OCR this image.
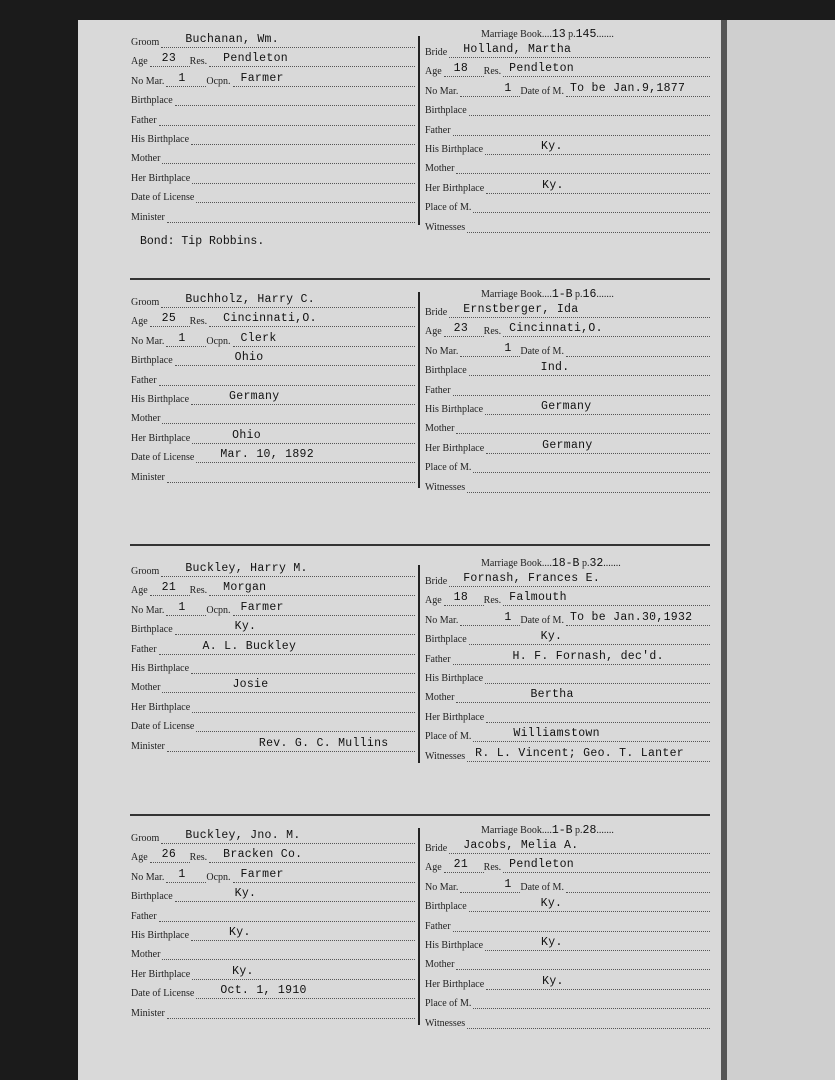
Groom Buchanan, Wm.
Age 23 Res. Pendleton
No Mar. 1 Ocpn. Farmer
Birthplace
Father
His Birthplace
Mother
Her Birthplace
Date of License
Minister
Marriage Book....13 p.145.......
Bride Holland, Martha
Age 18 Res. Pendleton
No Mar.	1 Date of M. To be Jan.9,1877
Birthplace
Father
His Birthplace	Ky.
Mother
Her Birthplace	Ky.
Place of M.
Witnesses
Bond: Tip Robbins.
Groom Buchholz, Harry C.
Age 25 Res. Cincinnati,O.
No Mar. 1 Ocpn. Clerk
Birthplace	Ohio
Father
His Birthplace	Germany
Mother
Her Birthplace	Ohio
Date of License Mar. 10, 1892
Minister
Marriage Book....1-B p.16.......
Bride Ernstberger, Ida
Age 23 Res. Cincinnati,O.
No Mar.	1 Date of M.
Birthplace	Ind.
Father
His Birthplace	Germany
Mother
Her Birthplace	Germany
Place of M.
Witnesses
Groom Buckley, Harry M.
Age 21 Res. Morgan
No Mar. 1 Ocpn. Farmer
Birthplace	Ky.
Father	A. L. Buckley
His Birthplace
Mother	Josie
Her Birthplace
Date of License
Minister	Rev. G. C. Mullins
Marriage Book....18-B p.32.......
Bride Fornash, Frances E.
Age 18 Res. Falmouth
No Mar.	1 Date of M. To be Jan.30,1932
Birthplace	Ky.
Father	H. F. Fornash, dec'd.
His Birthplace
Mother	Bertha
Her Birthplace
Place of M.	Williamstown
Witnesses R. L. Vincent; Geo. T. Lanter
Groom Buckley, Jno. M.
Age 26 Res. Bracken Co.
No Mar. 1 Ocpn. Farmer
Birthplace	Ky.
Father
His Birthplace	Ky.
Mother
Her Birthplace	Ky.
Date of License Oct. 1, 1910
Minister
Marriage Book....1-B p.28.......
Bride Jacobs, Melia A.
Age 21 Res. Pendleton
No Mar.	1 Date of M.
Birthplace	Ky.
Father
His Birthplace	Ky.
Mother
Her Birthplace	Ky.
Place of M.
Witnesses
